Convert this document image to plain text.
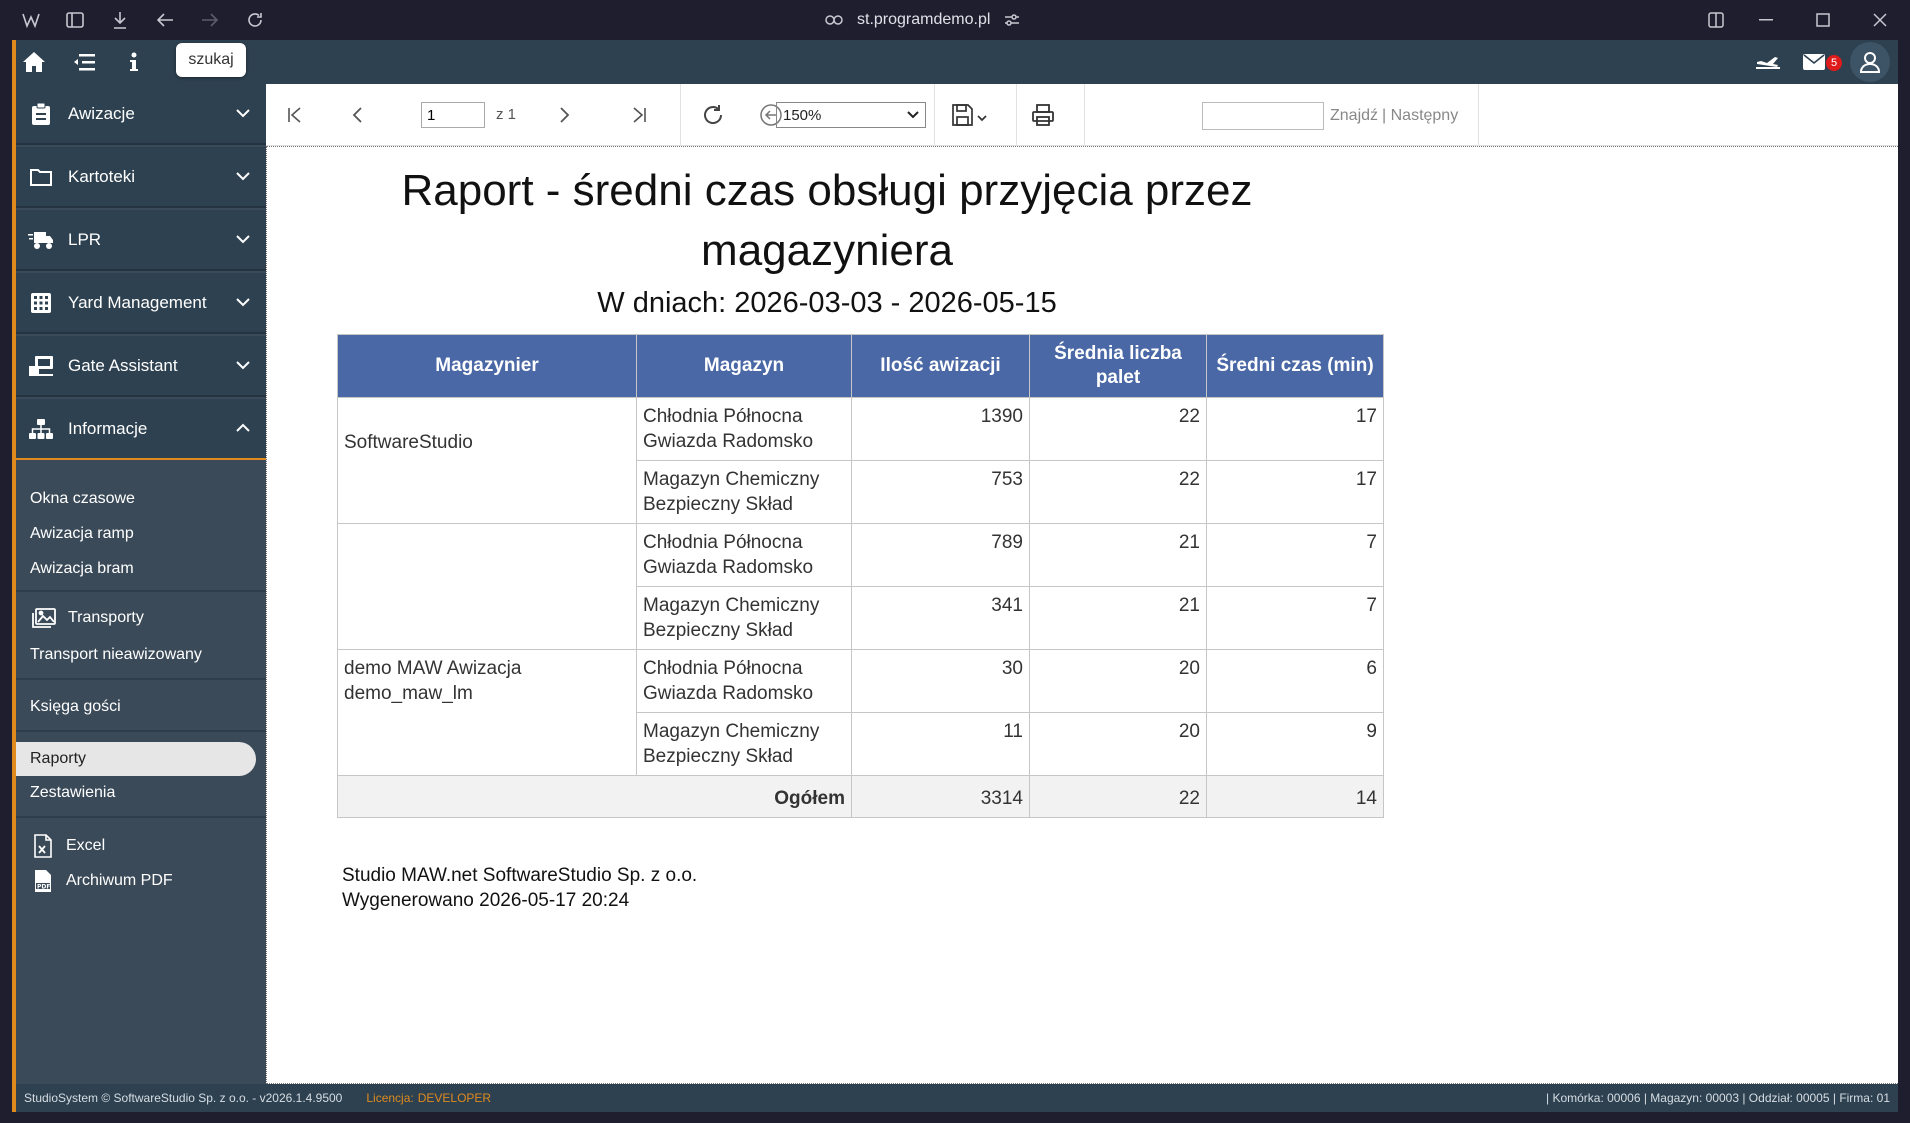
st.programdemo.pl
szukaj	5
Awizacje
Kartoteki
LPR
Yard Management
Gate Assistant
Informacje
Okna czasowe
Awizacja ramp
Awizacja bram
Transporty
Transport nieawizowany
Księga gości
Raporty
Zestawienia
Excel
PDF Archiwum PDF
1
z 1	150%	Znajdź | Następny
Raport - średni czas obsługi przyjęcia przez magazyniera
W dniach: 2026-03-03 - 2026-05-15
Magazynier	Magazyn	Ilość awizacji	Średnia liczba palet	Średni czas (min)
SoftwareStudio	Chłodnia Północna Gwiazda Radomsko	1390	22	17
	Magazyn Chemiczny Bezpieczny Skład	753	22	17
	Chłodnia Północna Gwiazda Radomsko	789	21	7
	Magazyn Chemiczny Bezpieczny Skład	341	21	7
demo MAW Awizacja demo_maw_lm	Chłodnia Północna Gwiazda Radomsko	30	20	6
	Magazyn Chemiczny Bezpieczny Skład	11	20	9
Ogółem		3314	22	14
Studio MAW.net SoftwareStudio Sp. z o.o.
Wygenerowano 2026-05-17 20:24
StudioSystem © SoftwareStudio Sp. z o.o. - v2026.1.4.9500 Licencja: DEVELOPER	| Komórka: 00006 | Magazyn: 00003 | Oddział: 00005 | Firma: 01
